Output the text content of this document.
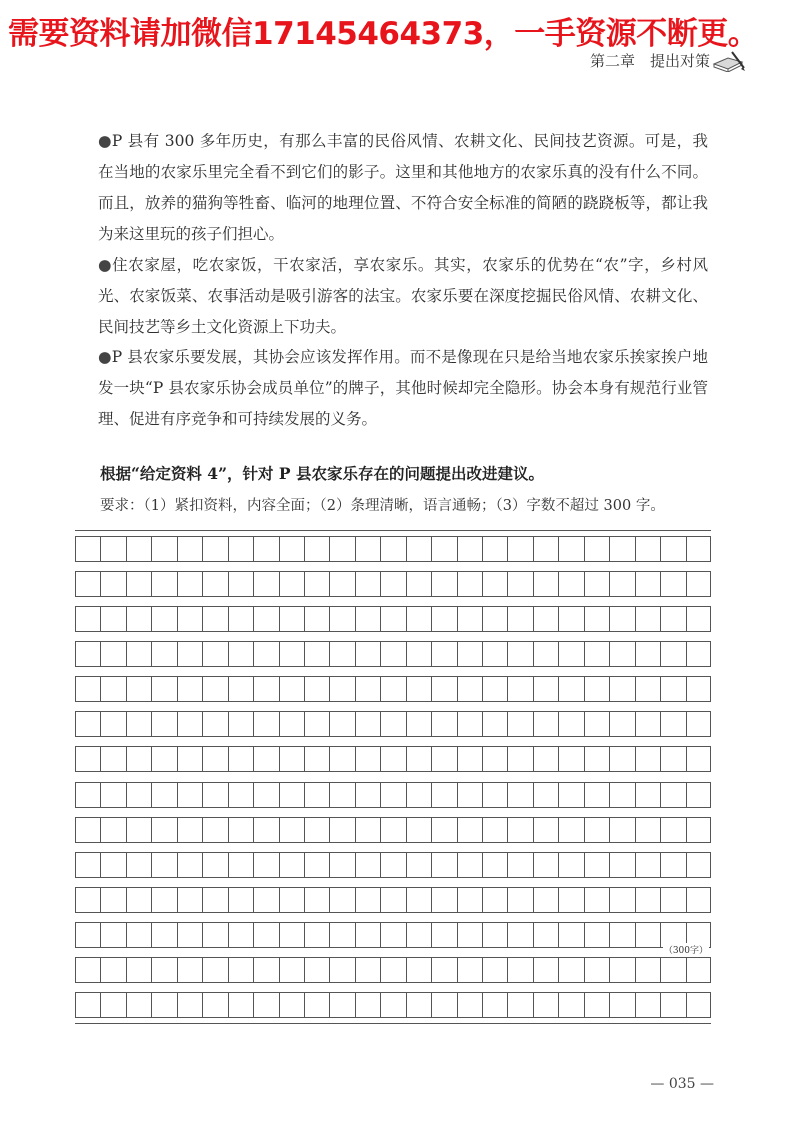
需要资料请加微信17145464373，一手资源不断更。
第二章　提出对策
●P 县有 300 多年历史，有那么丰富的民俗风情、农耕文化、民间技艺资源。可是，我在当地的农家乐里完全看不到它们的影子。这里和其他地方的农家乐真的没有什么不同。而且，放养的猫狗等牲畜、临河的地理位置、不符合安全标准的简陋的跷跷板等，都让我为来这里玩的孩子们担心。
●住农家屋，吃农家饭，干农家活，享农家乐。其实，农家乐的优势在“农”字，乡村风光、农家饭菜、农事活动是吸引游客的法宝。农家乐要在深度挖掘民俗风情、农耕文化、民间技艺等乡土文化资源上下功夫。
●P 县农家乐要发展，其协会应该发挥作用。而不是像现在只是给当地农家乐挨家挨户地发一块“P 县农家乐协会成员单位”的牌子，其他时候却完全隐形。协会本身有规范行业管理、促进有序竞争和可持续发展的义务。
根据“给定资料 4”，针对 P 县农家乐存在的问题提出改进建议。
要求：（1）紧扣资料，内容全面；（2）条理清晰，语言通畅；（3）字数不超过 300 字。
（300字）
— 035 —
